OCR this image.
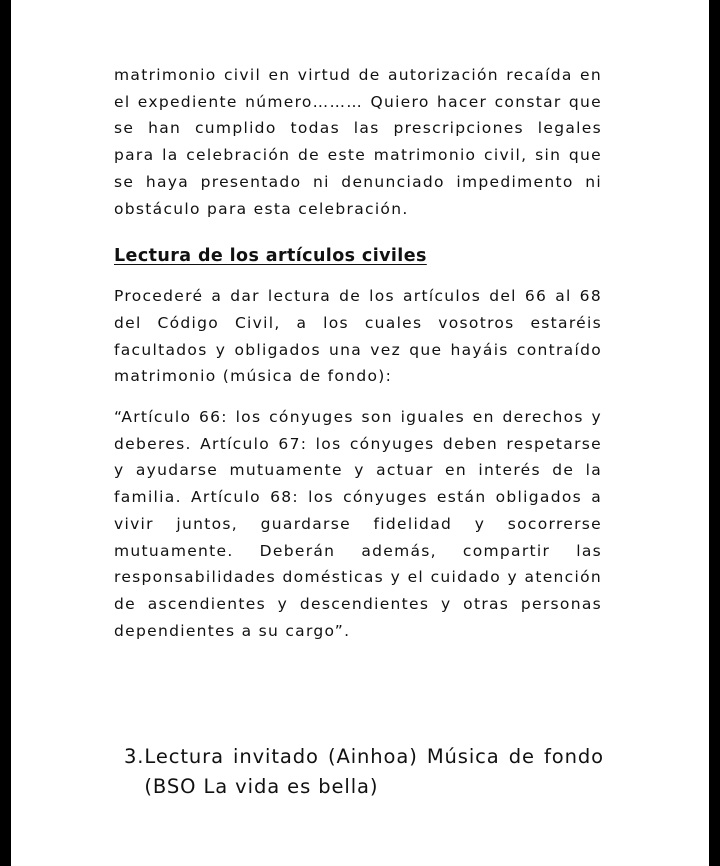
matrimonio civil en virtud de autorización recaída en el expediente número……… Quiero hacer constar que se han cumplido todas las prescripciones legales para la celebración de este matrimonio civil, sin que se haya presentado ni denunciado impedimento ni obstáculo para esta celebración.

Lectura de los artículos civiles

Procederé a dar lectura de los artículos del 66 al 68 del Código Civil, a los cuales vosotros estaréis facultados y obligados una vez que hayáis contraído matrimonio (música de fondo):

“Artículo 66: los cónyuges son iguales en derechos y deberes. Artículo 67: los cónyuges deben respetarse y ayudarse mutuamente y actuar en interés de la familia. Artículo 68: los cónyuges están obligados a vivir juntos, guardarse fidelidad y socorrerse mutuamente. Deberán además, compartir las responsabilidades domésticas y el cuidado y atención de ascendientes y descendientes y otras personas dependientes a su cargo”.

3. Lectura invitado (Ainhoa) Música de fondo (BSO La vida es bella)
